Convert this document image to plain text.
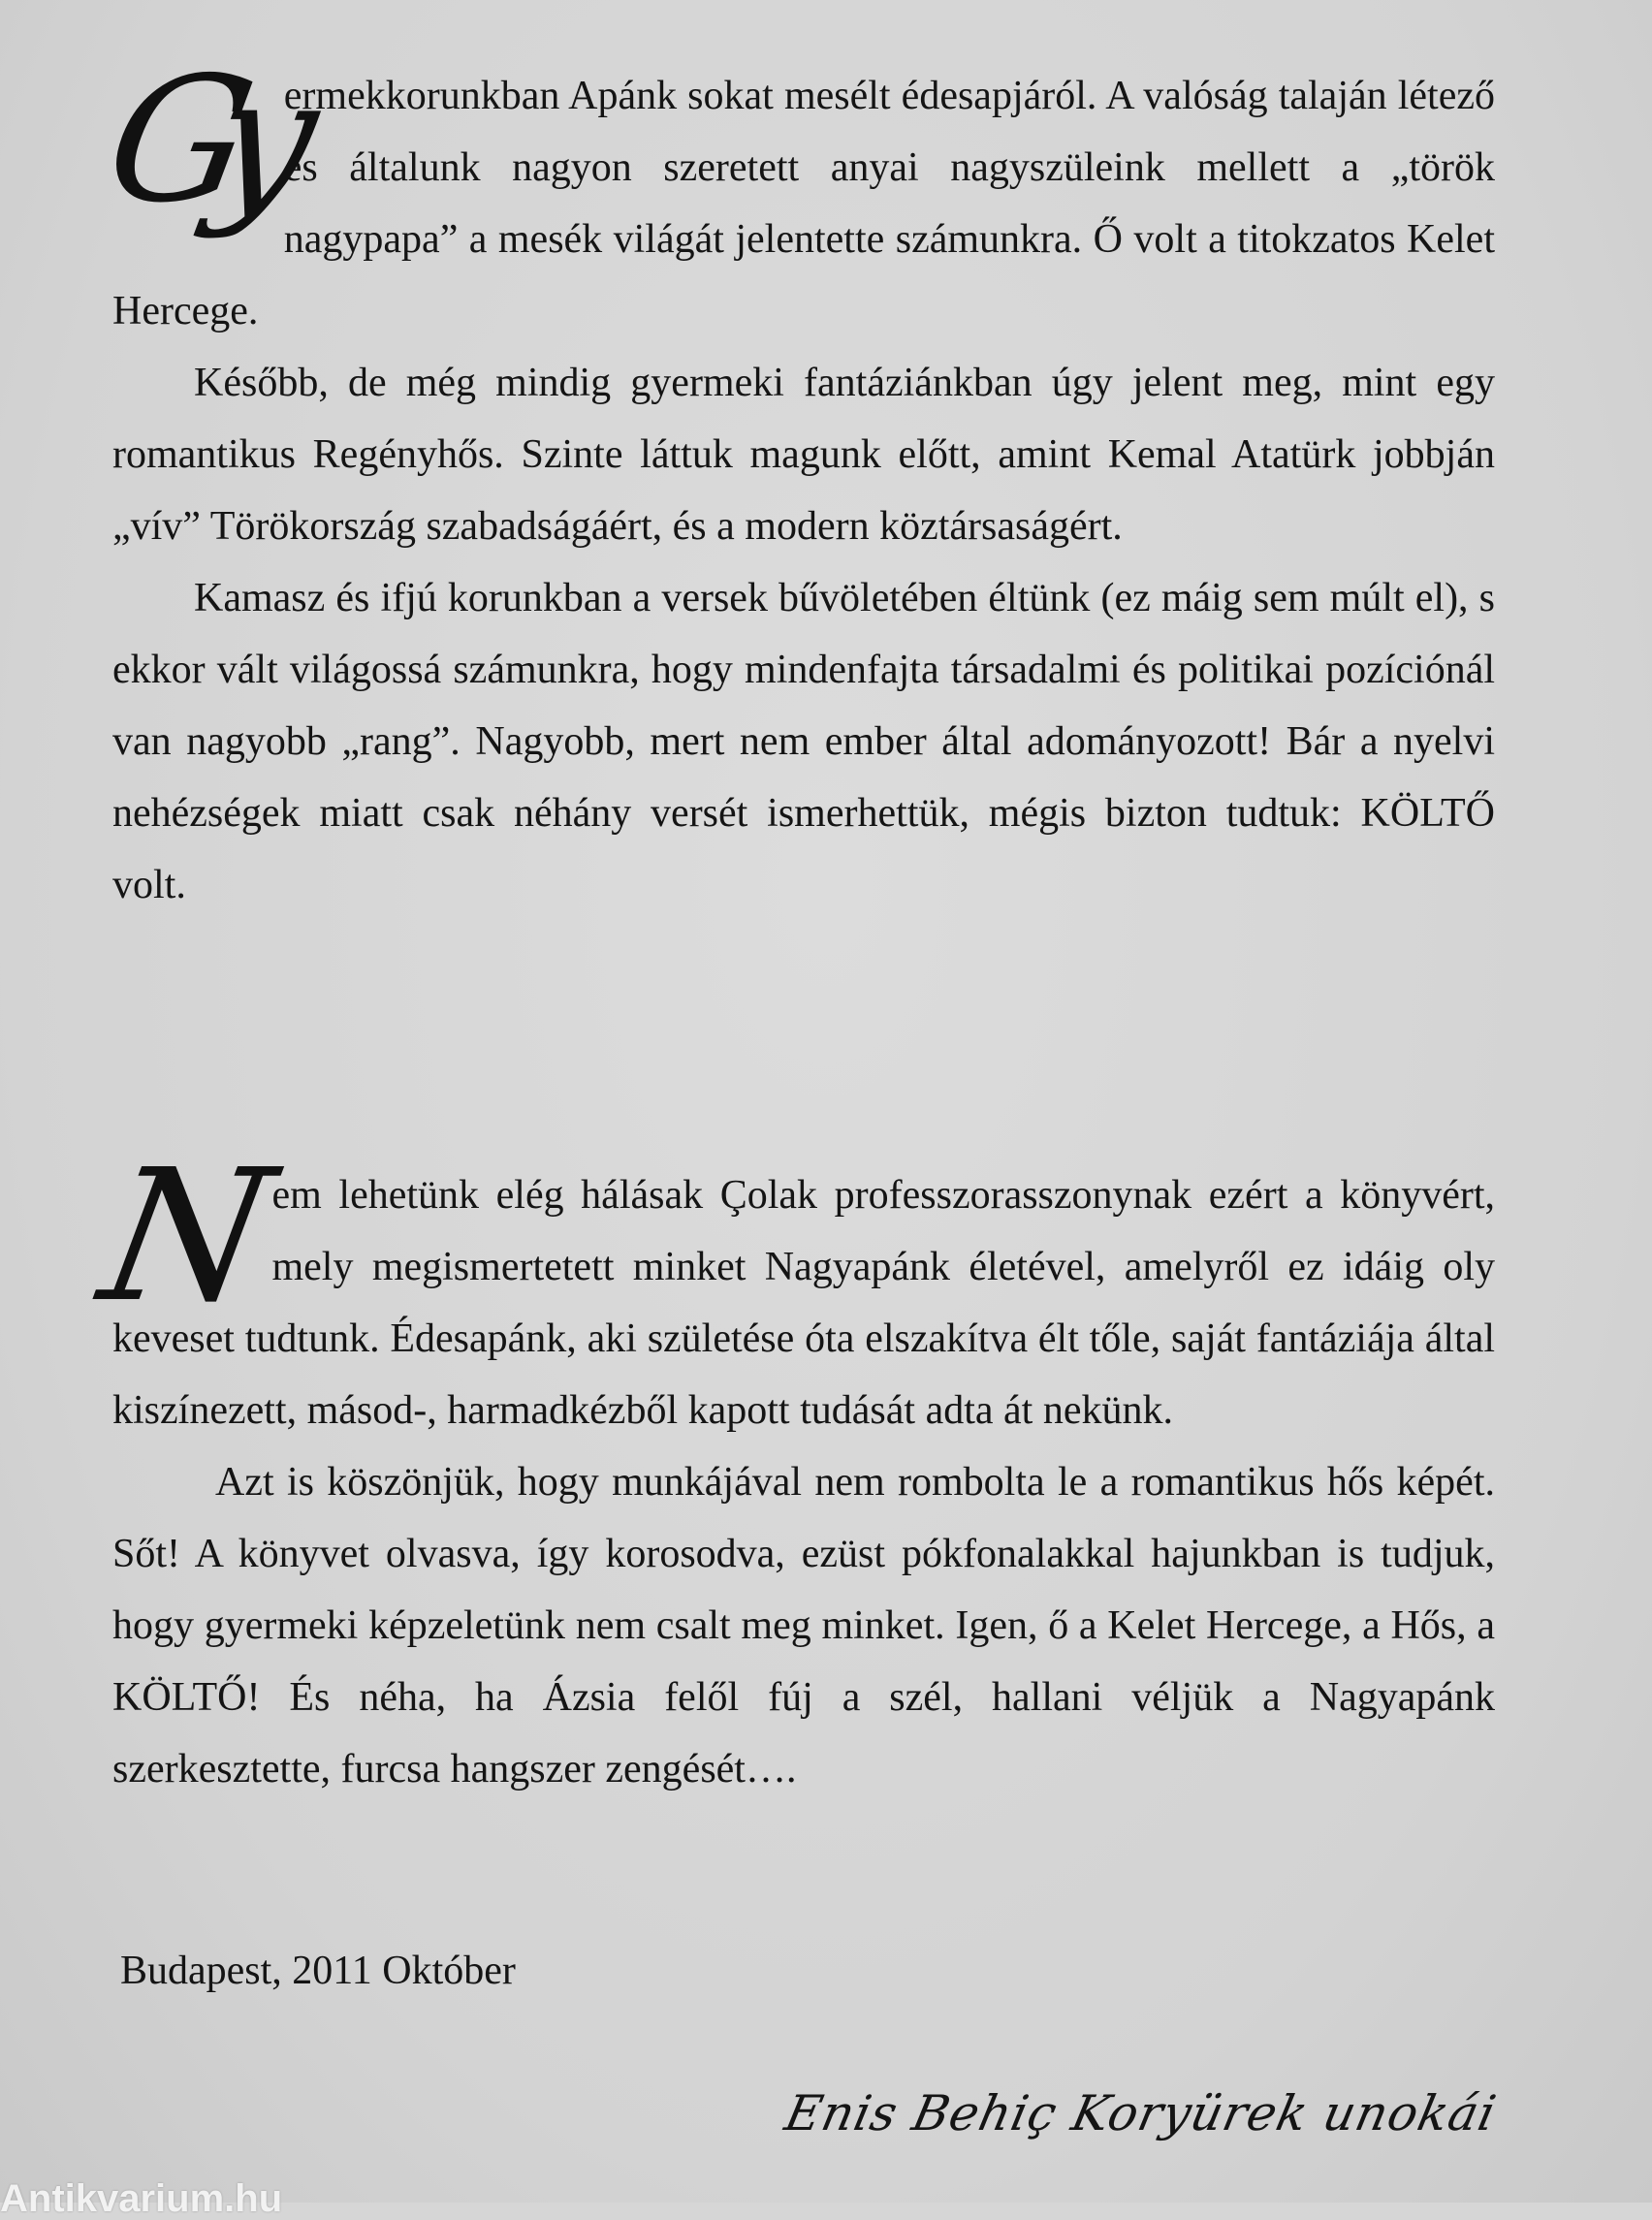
Gy
ermekkorunkban Apánk sokat mesélt édesapjáról. A valóság talaján létező és általunk nagyon szeretett anyai nagyszüleink mellett a „török nagypapa” a mesék világát jelentette számunkra. Ő volt a titokzatos Kelet Hercege.

Később, de még mindig gyermeki fantáziánkban úgy jelent meg, mint egy romantikus Regényhős. Szinte láttuk magunk előtt, amint Kemal Atatürk jobbján „vív” Törökország szabadságáért, és a modern köztársaságért.

Kamasz és ifjú korunkban a versek bűvöletében éltünk (ez máig sem múlt el), s ekkor vált világossá számunkra, hogy mindenfajta társadalmi és politikai pozíciónál van nagyobb „rang”. Nagyobb, mert nem ember által adományozott! Bár a nyelvi nehézségek miatt csak néhány versét ismerhettük, mégis bizton tudtuk: KÖLTŐ volt.

N
em lehetünk elég hálásak Çolak professzorasszonynak ezért a könyvért, mely megismertetett minket Nagyapánk életével, amelyről ez idáig oly keveset tudtunk. Édesapánk, aki születése óta elszakítva élt tőle, saját fantáziája által kiszínezett, másod-, harmadkézből kapott tudását adta át nekünk.

Azt is köszönjük, hogy munkájával nem rombolta le a romantikus hős képét. Sőt! A könyvet olvasva, így korosodva, ezüst pókfonalakkal hajunkban is tudjuk, hogy gyermeki képzeletünk nem csalt meg minket. Igen, ő a Kelet Hercege, a Hős, a KÖLTŐ! És néha, ha Ázsia felől fúj a szél, hallani véljük a Nagyapánk szerkesztette, furcsa hangszer zengését….

Budapest, 2011 Október

Enis Behiç Koryürek unokái

Antikvarium.hu
